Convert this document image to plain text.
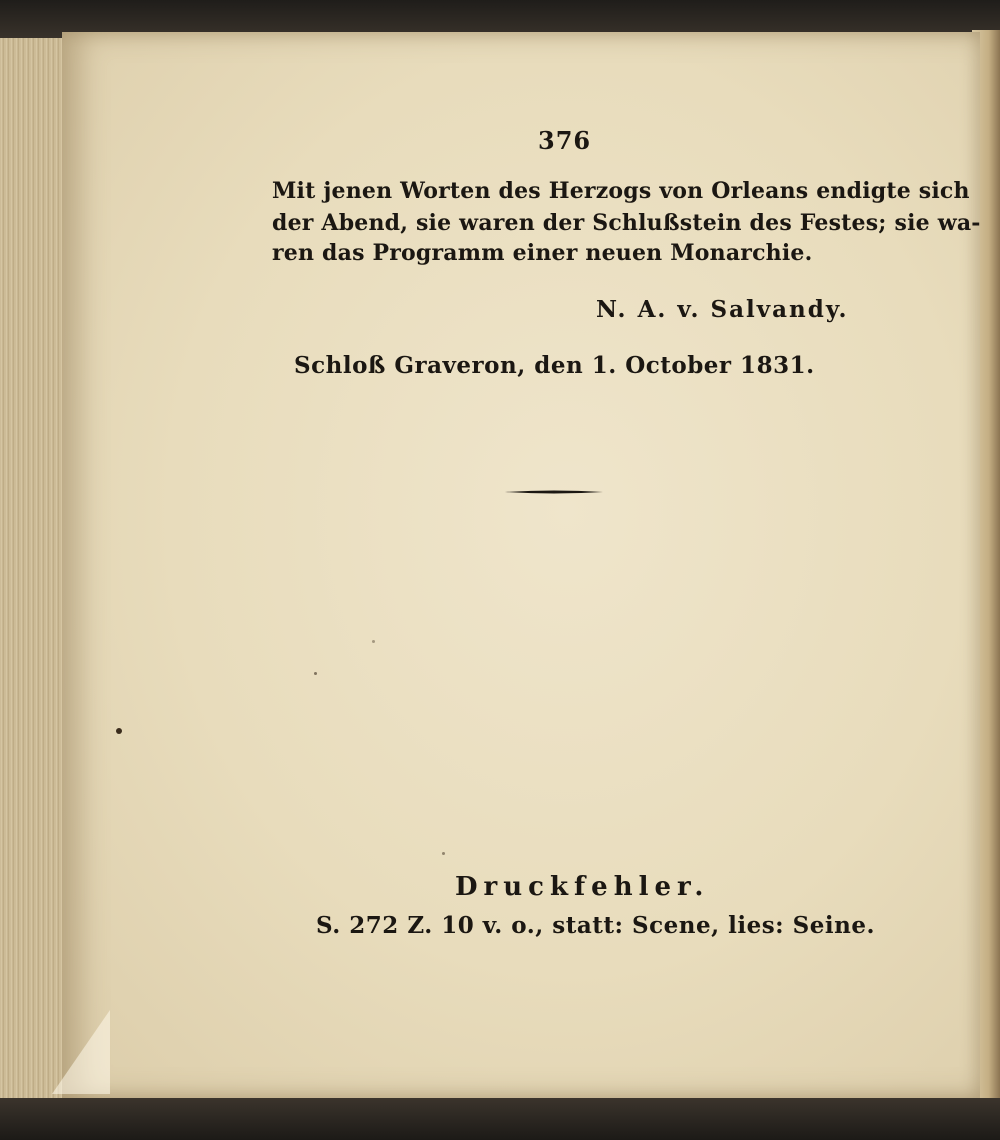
376
Mit jenen Worten des Herzogs von Orleans endigte sich
der Abend, sie waren der Schlußstein des Festes; sie wa-
ren das Programm einer neuen Monarchie.
N. A. v. Salvandy.
Schloß Graveron, den 1. October 1831.
Druckfehler.
S. 272 Z. 10 v. o., statt: Scene, lies: Seine.
